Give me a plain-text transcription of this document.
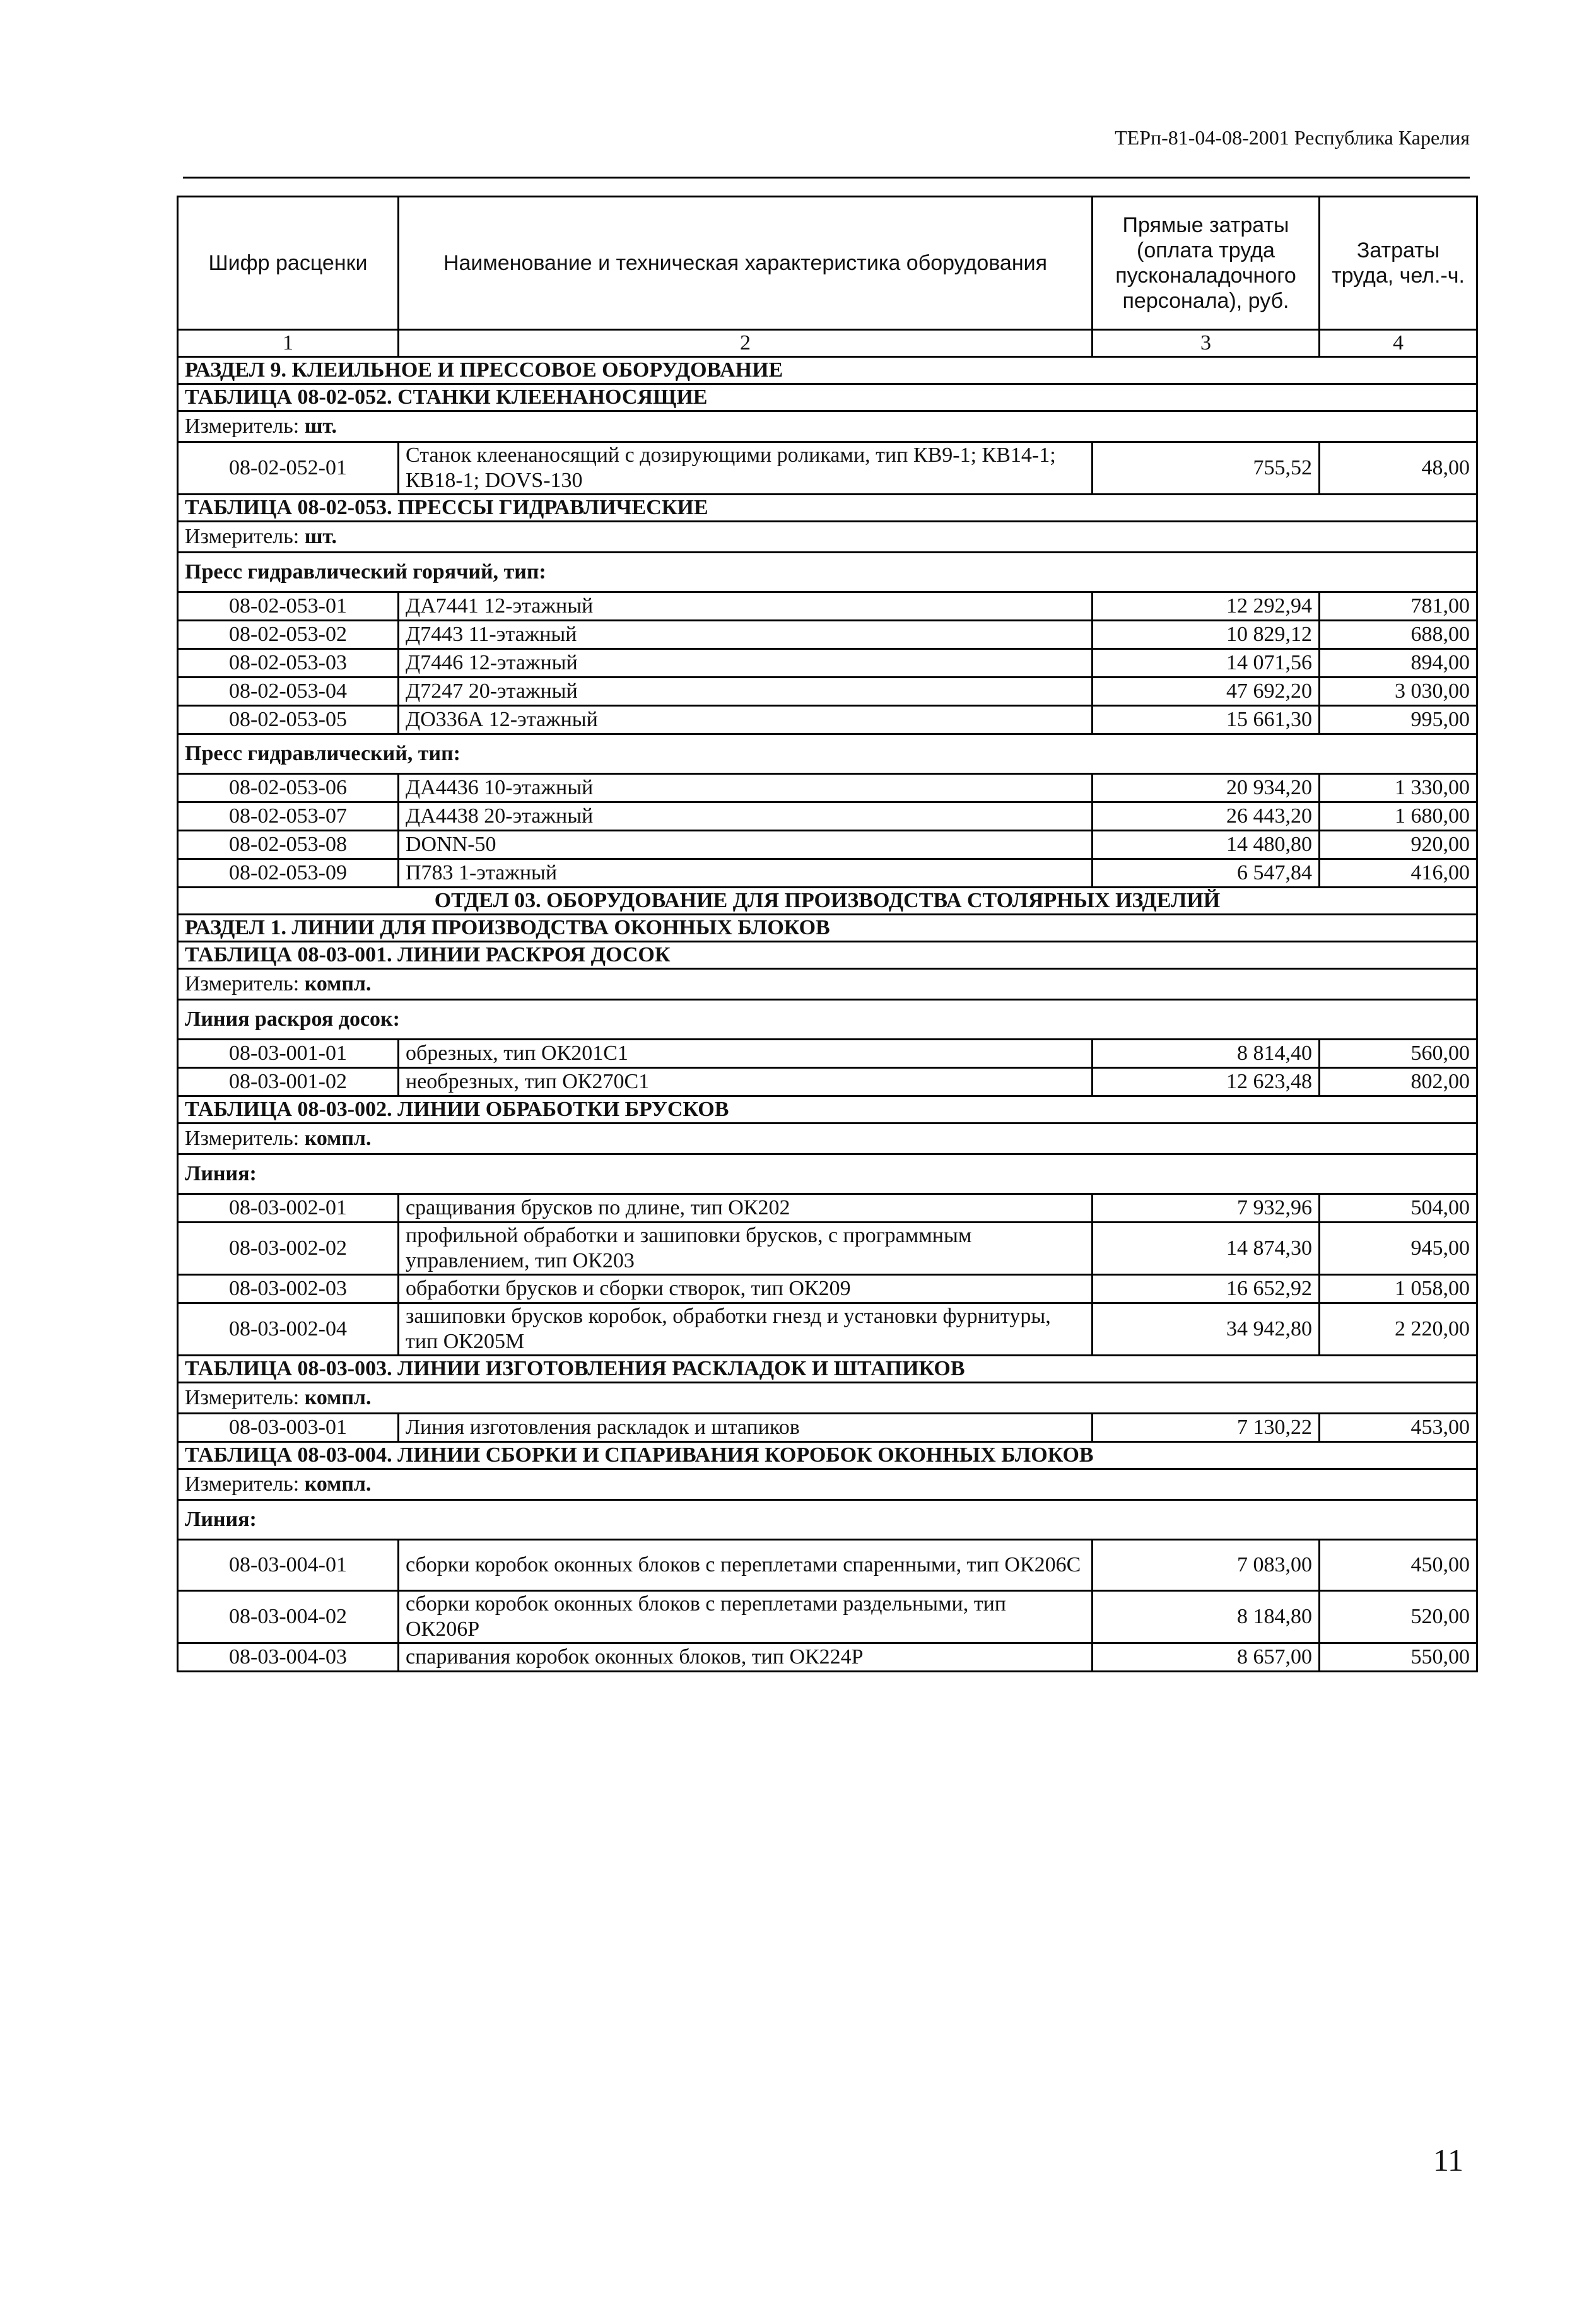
ТЕРп-81-04-08-2001 Республика Карелия
Шифр расценки	Наименование и техническая характеристика оборудования	Прямые затраты (оплата труда пусконаладочного персонала), руб.	Затраты труда, чел.-ч.
1	2	3	4
РАЗДЕЛ 9. КЛЕИЛЬНОЕ И ПРЕССОВОЕ ОБОРУДОВАНИЕ			
ТАБЛИЦА 08-02-052. СТАНКИ КЛЕЕНАНОСЯЩИЕ			
Измеритель: шт.			
08-02-052-01	Станок клеенаносящий с дозирующими роликами, тип КВ9-1; КВ14-1; КВ18-1; DOVS-130	755,52	48,00
ТАБЛИЦА 08-02-053. ПРЕССЫ ГИДРАВЛИЧЕСКИЕ			
Измеритель: шт.			
Пресс гидравлический горячий, тип:			
08-02-053-01	ДА7441 12-этажный	12 292,94	781,00
08-02-053-02	Д7443 11-этажный	10 829,12	688,00
08-02-053-03	Д7446 12-этажный	14 071,56	894,00
08-02-053-04	Д7247 20-этажный	47 692,20	3 030,00
08-02-053-05	ДО336А 12-этажный	15 661,30	995,00
Пресс гидравлический, тип:			
08-02-053-06	ДА4436 10-этажный	20 934,20	1 330,00
08-02-053-07	ДА4438 20-этажный	26 443,20	1 680,00
08-02-053-08	DONN-50	14 480,80	920,00
08-02-053-09	П783 1-этажный	6 547,84	416,00
ОТДЕЛ 03. ОБОРУДОВАНИЕ ДЛЯ ПРОИЗВОДСТВА СТОЛЯРНЫХ ИЗДЕЛИЙ			
РАЗДЕЛ 1. ЛИНИИ ДЛЯ ПРОИЗВОДСТВА ОКОННЫХ БЛОКОВ			
ТАБЛИЦА 08-03-001. ЛИНИИ РАСКРОЯ ДОСОК			
Измеритель: компл.			
Линия раскроя досок:			
08-03-001-01	обрезных, тип ОК201С1	8 814,40	560,00
08-03-001-02	необрезных, тип ОК270С1	12 623,48	802,00
ТАБЛИЦА 08-03-002. ЛИНИИ ОБРАБОТКИ БРУСКОВ			
Измеритель: компл.			
Линия:			
08-03-002-01	сращивания брусков по длине, тип ОК202	7 932,96	504,00
08-03-002-02	профильной обработки и зашиповки брусков, с программным управлением, тип ОК203	14 874,30	945,00
08-03-002-03	обработки брусков и сборки створок, тип ОК209	16 652,92	1 058,00
08-03-002-04	зашиповки брусков коробок, обработки гнезд и установки фурнитуры, тип ОК205М	34 942,80	2 220,00
ТАБЛИЦА 08-03-003. ЛИНИИ ИЗГОТОВЛЕНИЯ РАСКЛАДОК И ШТАПИКОВ			
Измеритель: компл.			
08-03-003-01	Линия изготовления раскладок и штапиков	7 130,22	453,00
ТАБЛИЦА 08-03-004. ЛИНИИ СБОРКИ И СПАРИВАНИЯ КОРОБОК ОКОННЫХ БЛОКОВ			
Измеритель: компл.			
Линия:			
08-03-004-01	сборки коробок оконных блоков с переплетами спаренными, тип ОК206С	7 083,00	450,00
08-03-004-02	сборки коробок оконных блоков с переплетами раздельными, тип ОК206Р	8 184,80	520,00
08-03-004-03	спаривания коробок оконных блоков, тип ОК224Р	8 657,00	550,00
11
